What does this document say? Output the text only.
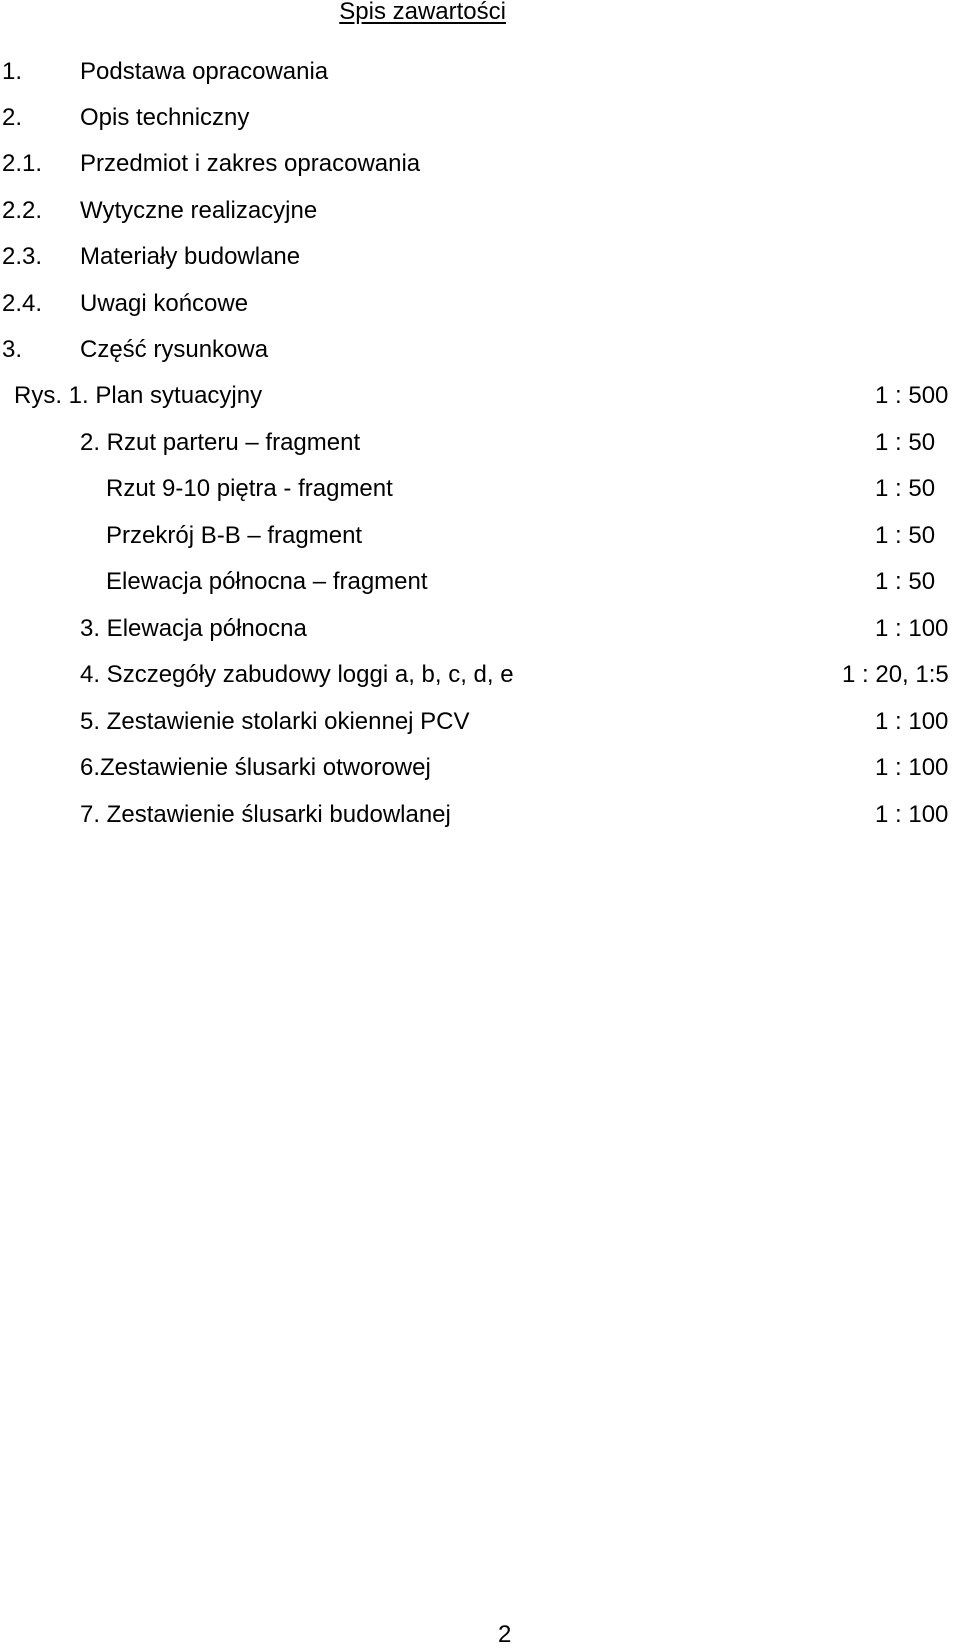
Spis zawartości
1. Podstawa opracowania
2. Opis techniczny
2.1. Przedmiot i zakres opracowania
2.2. Wytyczne realizacyjne
2.3. Materiały budowlane
2.4. Uwagi końcowe
3. Część rysunkowa
Rys. 1. Plan sytuacyjny	1 : 500
2. Rzut parteru – fragment	1 : 50
Rzut 9-10 piętra - fragment	1 : 50
Przekrój B-B – fragment	1 : 50
Elewacja północna – fragment	1 : 50
3. Elewacja północna	1 : 100
4. Szczegóły zabudowy loggi a, b, c, d, e	1 : 20, 1:5
5. Zestawienie stolarki okiennej PCV	1 : 100
6.Zestawienie ślusarki otworowej	1 : 100
7. Zestawienie ślusarki budowlanej	1 : 100
2
